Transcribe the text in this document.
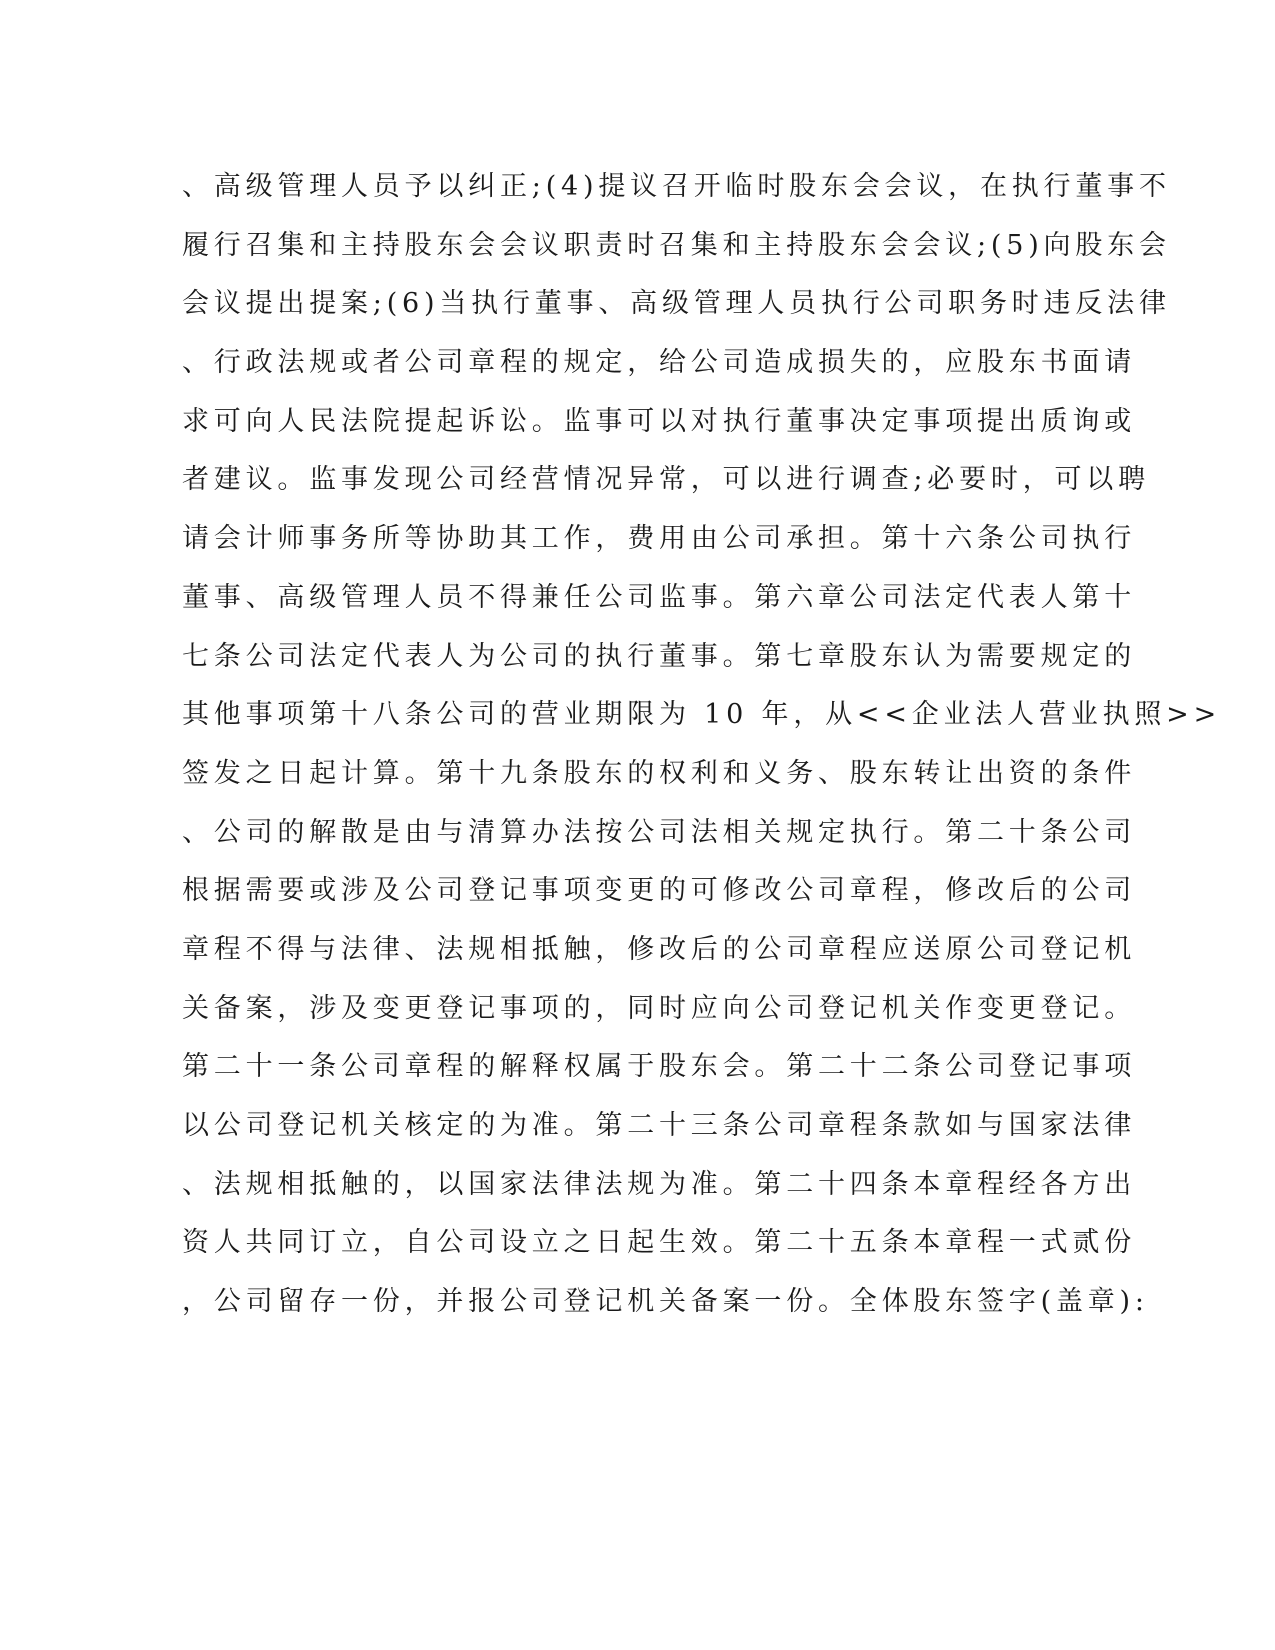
、高级管理人员予以纠正;(4)提议召开临时股东会会议，在执行董事不
履行召集和主持股东会会议职责时召集和主持股东会会议;(5)向股东会
会议提出提案;(6)当执行董事、高级管理人员执行公司职务时违反法律
、行政法规或者公司章程的规定，给公司造成损失的，应股东书面请
求可向人民法院提起诉讼。监事可以对执行董事决定事项提出质询或
者建议。监事发现公司经营情况异常，可以进行调查;必要时，可以聘
请会计师事务所等协助其工作，费用由公司承担。第十六条公司执行
董事、高级管理人员不得兼任公司监事。第六章公司法定代表人第十
七条公司法定代表人为公司的执行董事。第七章股东认为需要规定的
其他事项第十八条公司的营业期限为 10 年，从<<企业法人营业执照>>
签发之日起计算。第十九条股东的权利和义务、股东转让出资的条件
、公司的解散是由与清算办法按公司法相关规定执行。第二十条公司
根据需要或涉及公司登记事项变更的可修改公司章程，修改后的公司
章程不得与法律、法规相抵触，修改后的公司章程应送原公司登记机
关备案，涉及变更登记事项的，同时应向公司登记机关作变更登记。
第二十一条公司章程的解释权属于股东会。第二十二条公司登记事项
以公司登记机关核定的为准。第二十三条公司章程条款如与国家法律
、法规相抵触的，以国家法律法规为准。第二十四条本章程经各方出
资人共同订立，自公司设立之日起生效。第二十五条本章程一式贰份
，公司留存一份，并报公司登记机关备案一份。全体股东签字(盖章):
